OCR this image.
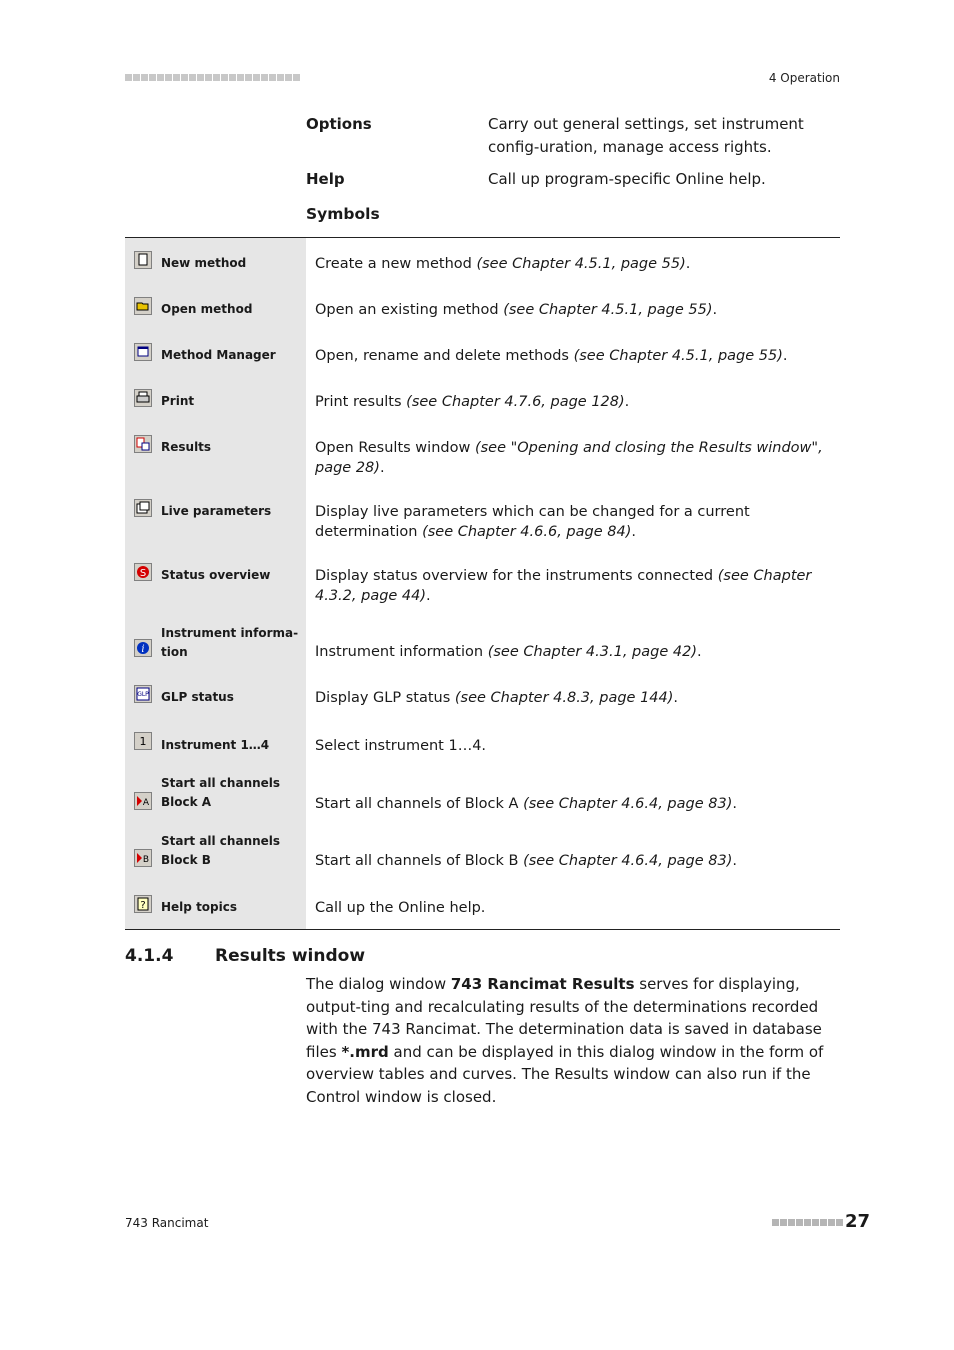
4 Operation
Options	Carry out general settings, set instrument config-uration, manage access rights.
Help	Call up program-specific Online help.
Symbols
New method	Create a new method (see Chapter 4.5.1, page 55).
Open method	Open an existing method (see Chapter 4.5.1, page 55).
Method Manager	Open, rename and delete methods (see Chapter 4.5.1, page 55).
Print	Print results (see Chapter 4.7.6, page 128).
Results	Open Results window (see "Opening and closing the Results window", page 28).
Live parameters	Display live parameters which can be changed for a current determination (see Chapter 4.6.6, page 84).
S Status overview	Display status overview for the instruments connected (see Chapter 4.3.2, page 44).
i
Instrument informa-tion	Instrument information (see Chapter 4.3.1, page 42).
GLP GLP status	Display GLP status (see Chapter 4.8.3, page 144).
1 Instrument 1…4	Select instrument 1…4.
A
Start all channels Block A	Start all channels of Block A (see Chapter 4.6.4, page 83).
B
Start all channels Block B	Start all channels of Block B (see Chapter 4.6.4, page 83).
? Help topics	Call up the Online help.
4.1.4 Results window
The dialog window 743 Rancimat Results serves for displaying, output-ting and recalculating results of the determinations recorded with the 743 Rancimat. The determination data is saved in database files *.mrd and can be displayed in this dialog window in the form of overview tables and curves. The Results window can also run if the Control window is closed.
743 Rancimat	27
